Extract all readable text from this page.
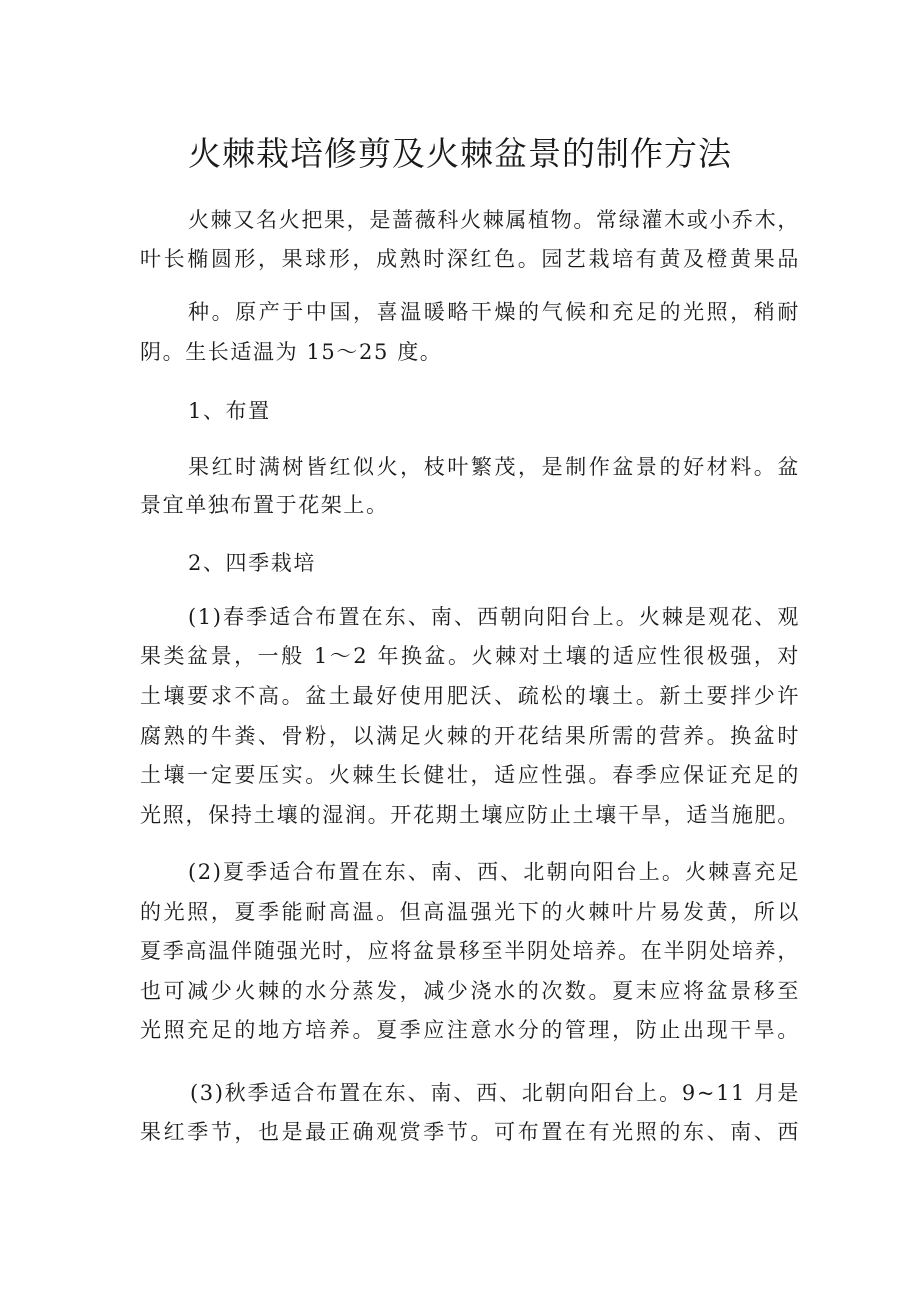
火棘栽培修剪及火棘盆景的制作方法

火棘又名火把果，是蔷薇科火棘属植物。常绿灌木或小乔木，

叶长椭圆形，果球形，成熟时深红色。园艺栽培有黄及橙黄果品

种。原产于中国，喜温暖略干燥的气候和充足的光照，稍耐

阴。生长适温为 15～25 度。

1、布置

果红时满树皆红似火，枝叶繁茂，是制作盆景的好材料。盆

景宜单独布置于花架上。

2、四季栽培

(1)春季适合布置在东、南、西朝向阳台上。火棘是观花、观

果类盆景，一般 1～2 年换盆。火棘对土壤的适应性很极强，对

土壤要求不高。盆土最好使用肥沃、疏松的壤土。新土要拌少许

腐熟的牛粪、骨粉，以满足火棘的开花结果所需的营养。换盆时

土壤一定要压实。火棘生长健壮，适应性强。春季应保证充足的

光照，保持土壤的湿润。开花期土壤应防止土壤干旱，适当施肥。

(2)夏季适合布置在东、南、西、北朝向阳台上。火棘喜充足

的光照，夏季能耐高温。但高温强光下的火棘叶片易发黄，所以

夏季高温伴随强光时，应将盆景移至半阴处培养。在半阴处培养，

也可减少火棘的水分蒸发，减少浇水的次数。夏末应将盆景移至

光照充足的地方培养。夏季应注意水分的管理，防止出现干旱。

(3)秋季适合布置在东、南、西、北朝向阳台上。9~11 月是

果红季节，也是最正确观赏季节。可布置在有光照的东、南、西
